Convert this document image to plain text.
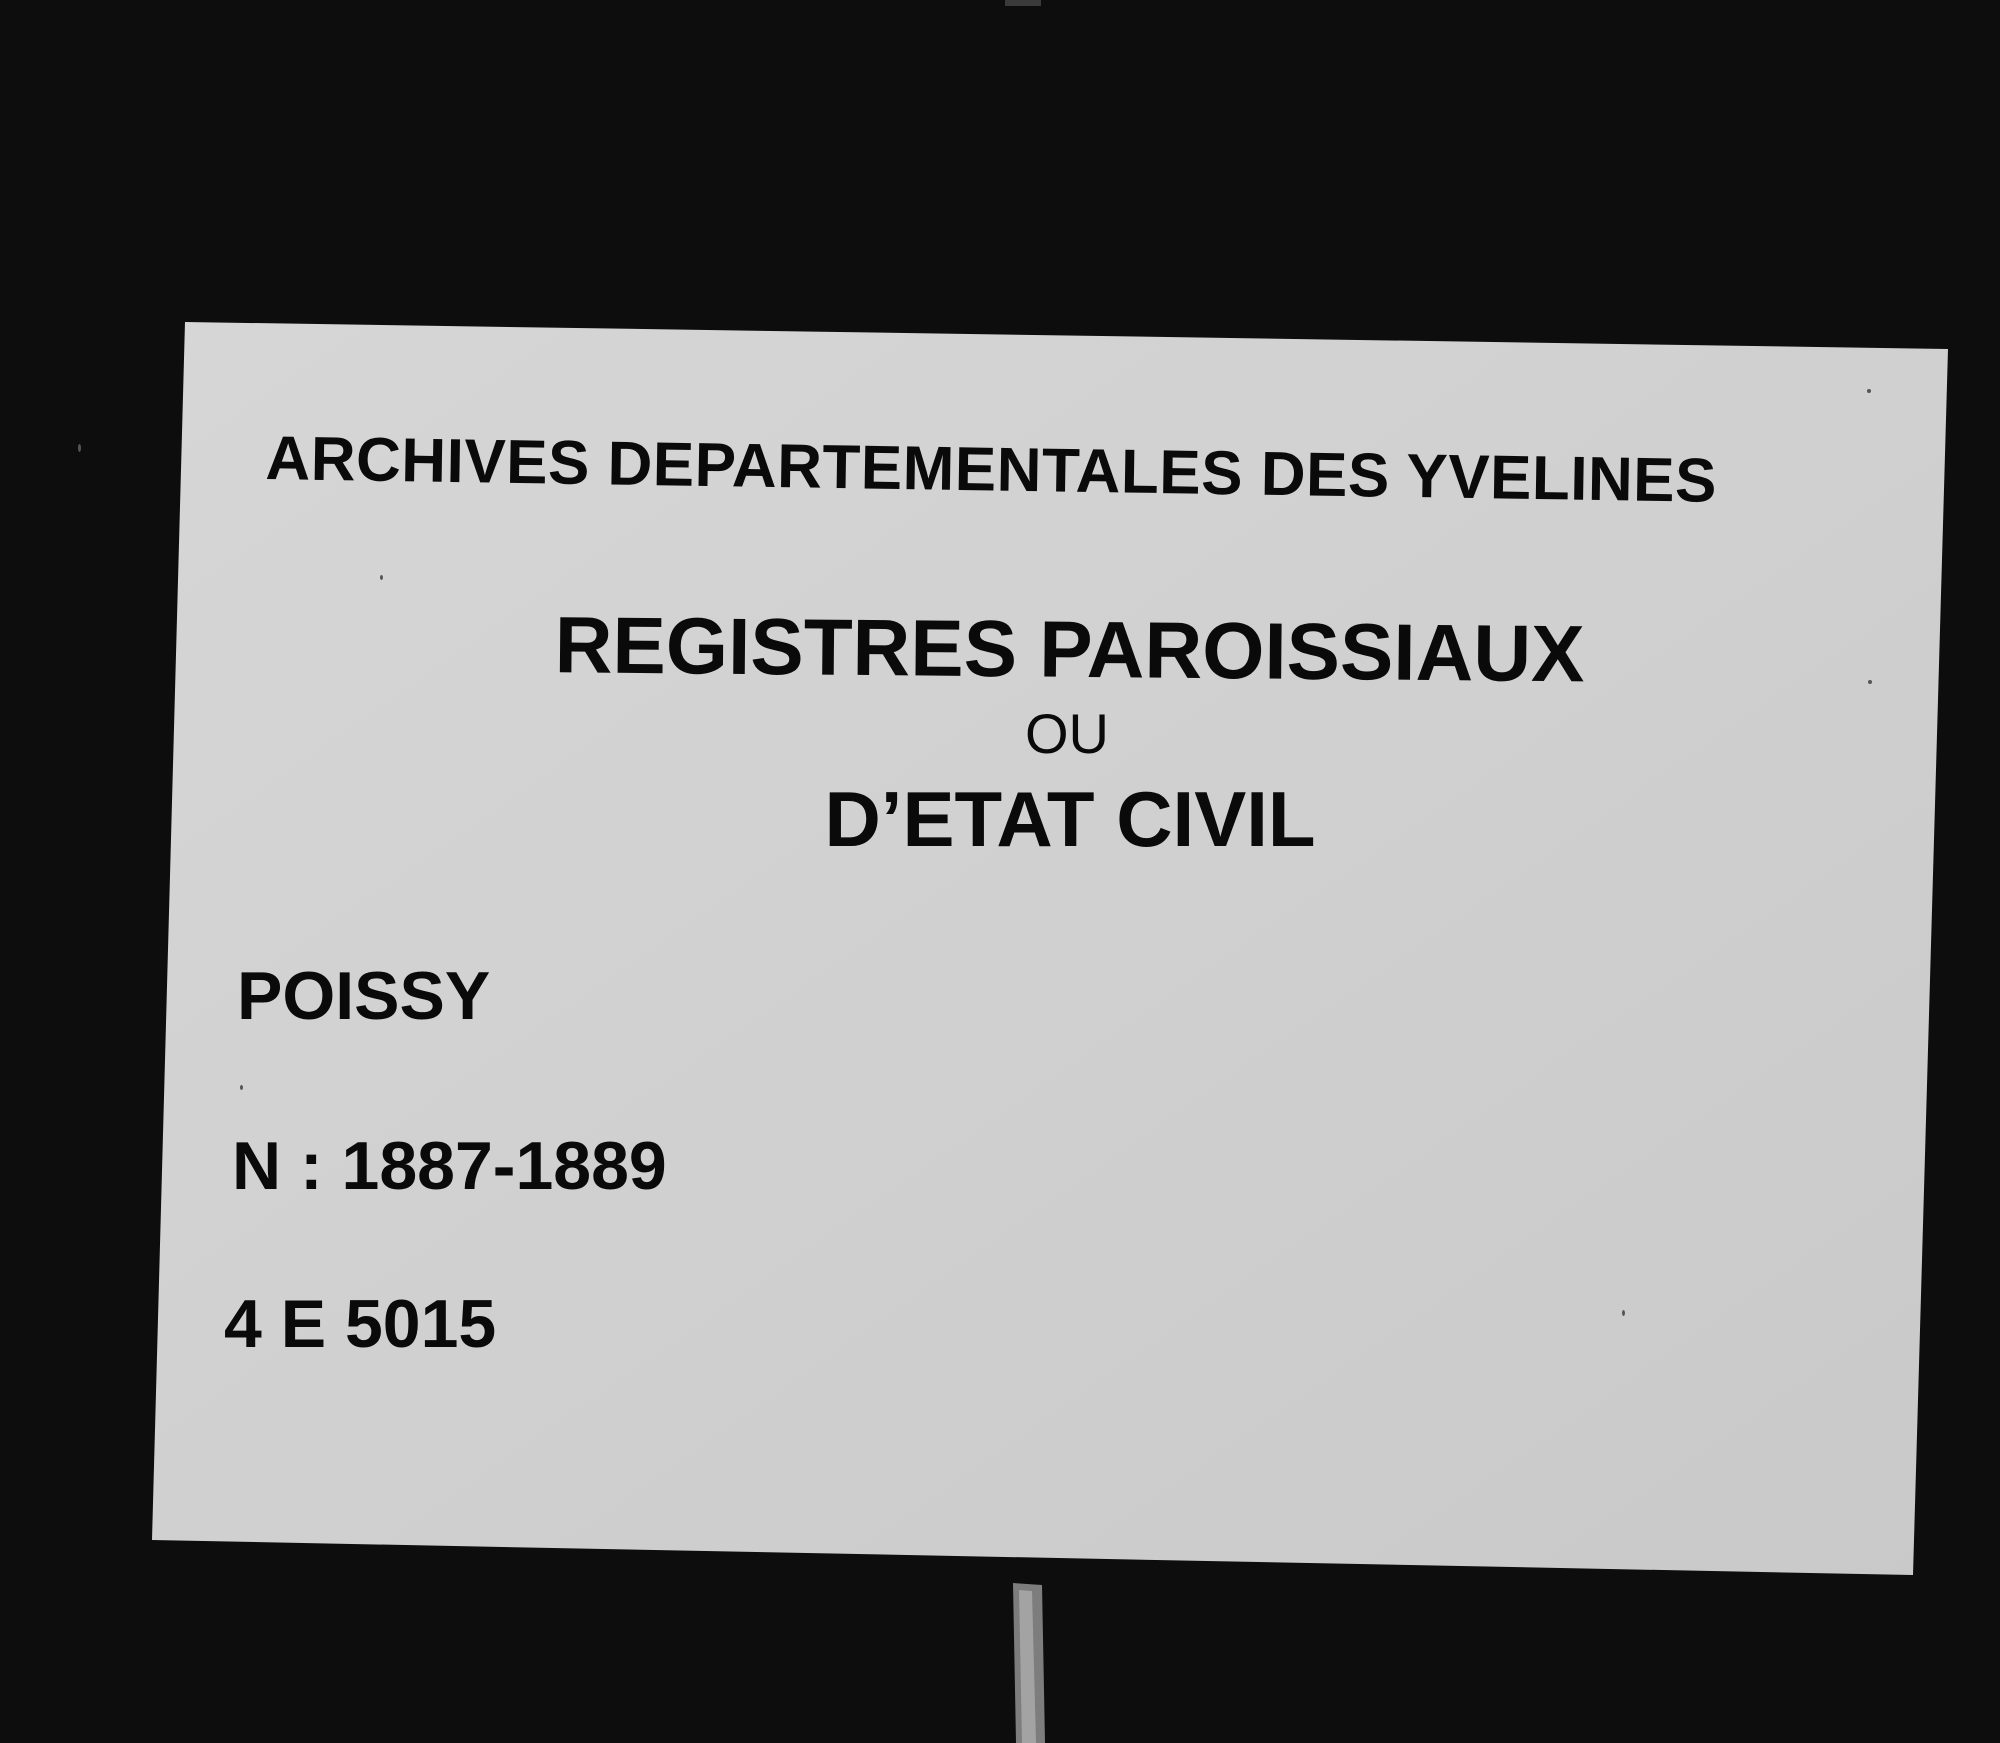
ARCHIVES DEPARTEMENTALES DES YVELINES
REGISTRES PAROISSIAUX
OU
D’ETAT CIVIL
POISSY
N : 1887-1889
4 E 5015
